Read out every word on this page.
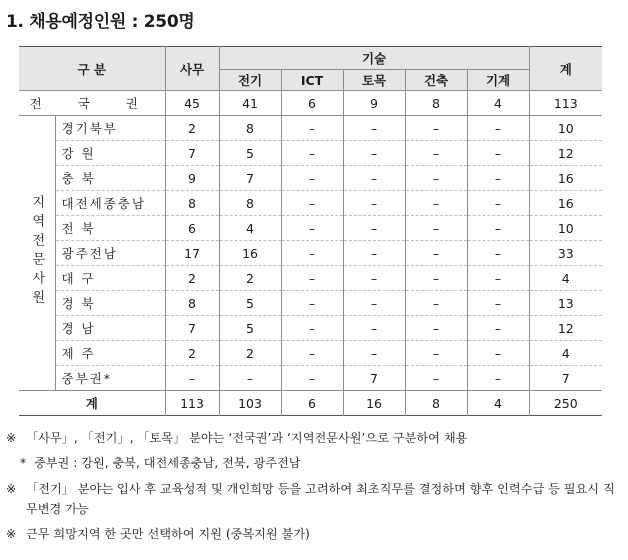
1. 채용예정인원 : 250명
구 분		사무	기술					계
			전기	ICT	토목	건축	기계	
전 국 권		45	41	6	9	8	4	113
지역전문사원	경기북부	2	8	–	–	–	–	10
	강 원	7	5	–	–	–	–	12
	충 북	9	7	–	–	–	–	16
	대전세종충남	8	8	–	–	–	–	16
	전 북	6	4	–	–	–	–	10
	광주전남	17	16	–	–	–	–	33
	대 구	2	2	–	–	–	–	4
	경 북	8	5	–	–	–	–	13
	경 남	7	5	–	–	–	–	12
	제 주	2	2	–	–	–	–	4
	중부권*	–	–	–	7	–	–	7
계		113	103	6	16	8	4	250
※ 「사무」, 「전기」, 「토목」 분야는 ‘전국권’과 ‘지역전문사원’으로 구분하여 채용
* 중부권 : 강원, 충북, 대전세종충남, 전북, 광주전남
※ 「전기」 분야는 입사 후 교육성적 및 개인희망 등을 고려하여 최초직무를 결정하며 향후 인력수급 등 필요시 직무변경 가능
※ 근무 희망지역 한 곳만 선택하여 지원 (중복지원 불가)
